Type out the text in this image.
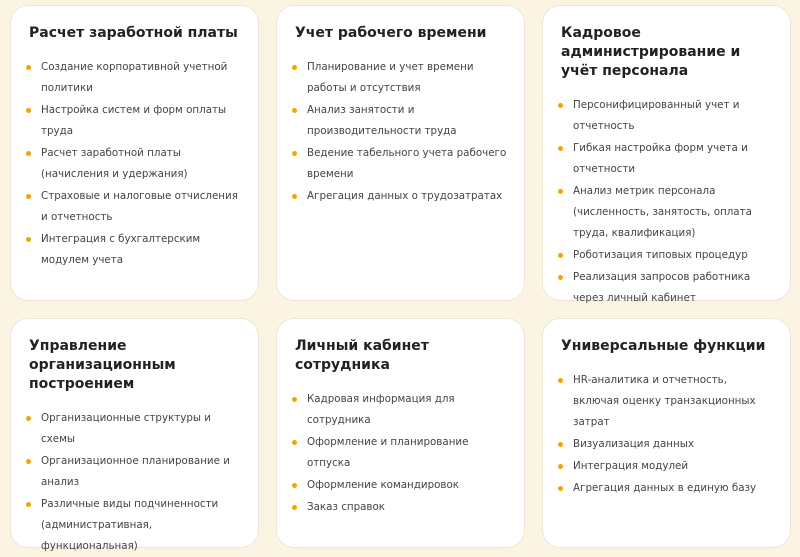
Расчет заработной платы
Создание корпоративной учетной политики
Настройка систем и форм оплаты труда
Расчет заработной платы (начисления и удержания)
Страховые и налоговые отчисления и отчетность
Интеграция с бухгалтерским модулем учета
Учет рабочего времени
Планирование и учет времени работы и отсутствия
Анализ занятости и производительности труда
Ведение табельного учета рабочего времени
Агрегация данных о трудозатратах
Кадровое администрирование и учёт персонала
Персонифицированный учет и отчетность
Гибкая настройка форм учета и отчетности
Анализ метрик персонала (численность, занятость, оплата труда, квалификация)
Роботизация типовых процедур
Реализация запросов работника через личный кабинет
Управление организационным построением
Организационные структуры и схемы
Организационное планирование и анализ
Различные виды подчиненности (административная, функциональная)
Личный кабинет сотрудника
Кадровая информация для сотрудника
Оформление и планирование отпуска
Оформление командировок
Заказ справок
Универсальные функции
HR-аналитика и отчетность, включая оценку транзакционных затрат
Визуализация данных
Интеграция модулей
Агрегация данных в единую базу
